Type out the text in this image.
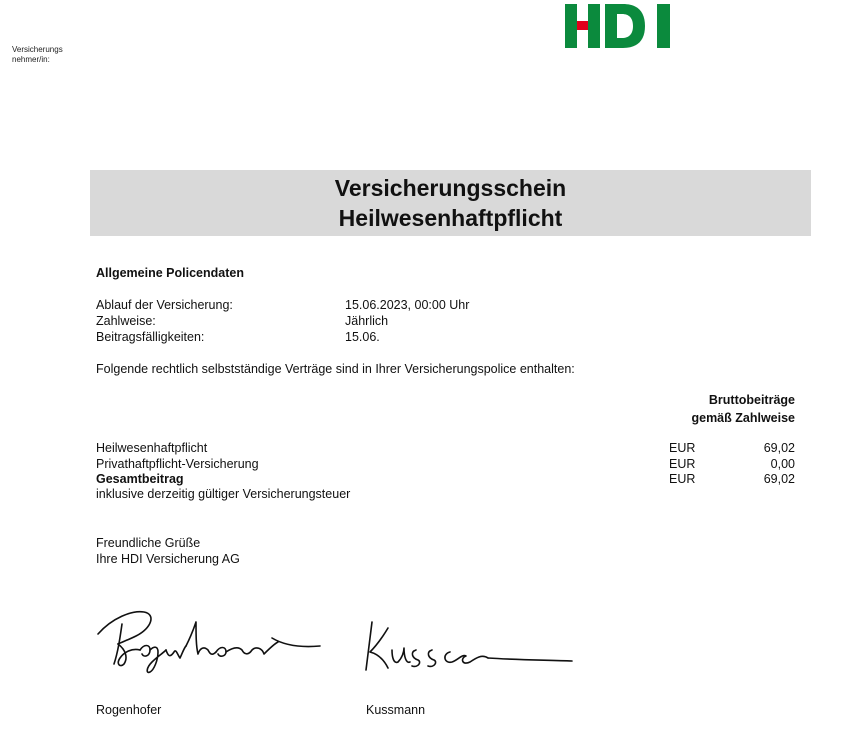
Versicherungs
nehmer/in:
Versicherungsschein
Heilwesenhaftpflicht
Allgemeine Policendaten
Ablauf der Versicherung:	15.06.2023, 00:00 Uhr
Zahlweise:	Jährlich
Beitragsfälligkeiten:	15.06.
Folgende rechtlich selbstständige Verträge sind in Ihrer Versicherungspolice enthalten:
Bruttobeiträge
gemäß Zahlweise
Heilwesenhaftpflicht	EUR	69,02
Privathaftpflicht-Versicherung	EUR	0,00
Gesamtbeitrag	EUR	69,02
inklusive derzeitig gültiger Versicherungsteuer
Freundliche Grüße
Ihre HDI Versicherung AG
Rogenhofer	Kussmann
